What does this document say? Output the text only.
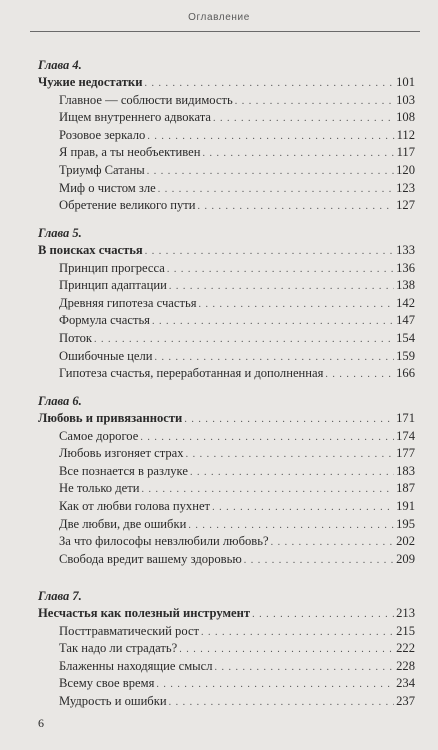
Оглавление
Глава 4.
Чужие недостатки . . .	101
Главное — соблюсти видимость . . .	103
Ищем внутреннего адвоката . . .	108
Розовое зеркало . . .	112
Я прав, а ты необъективен . . .	117
Триумф Сатаны . . .	120
Миф о чистом зле . . .	123
Обретение великого пути . . .	127
Глава 5.
В поисках счастья . . .	133
Принцип прогресса . . .	136
Принцип адаптации . . .	138
Древняя гипотеза счастья . . .	142
Формула счастья . . .	147
Поток . . .	154
Ошибочные цели . . .	159
Гипотеза счастья, переработанная и дополненная . . .	166
Глава 6.
Любовь и привязанности . . .	171
Самое дорогое . . .	174
Любовь изгоняет страх . . .	177
Все познается в разлуке . . .	183
Не только дети . . .	187
Как от любви голова пухнет . . .	191
Две любви, две ошибки . . .	195
За что философы невзлюбили любовь? . . .	202
Свобода вредит вашему здоровью . . .	209
Глава 7.
Несчастья как полезный инструмент . . .	213
Посттравматический рост . . .	215
Так надо ли страдать? . . .	222
Блаженны находящие смысл . . .	228
Всему свое время . . .	234
Мудрость и ошибки . . .	237
6
